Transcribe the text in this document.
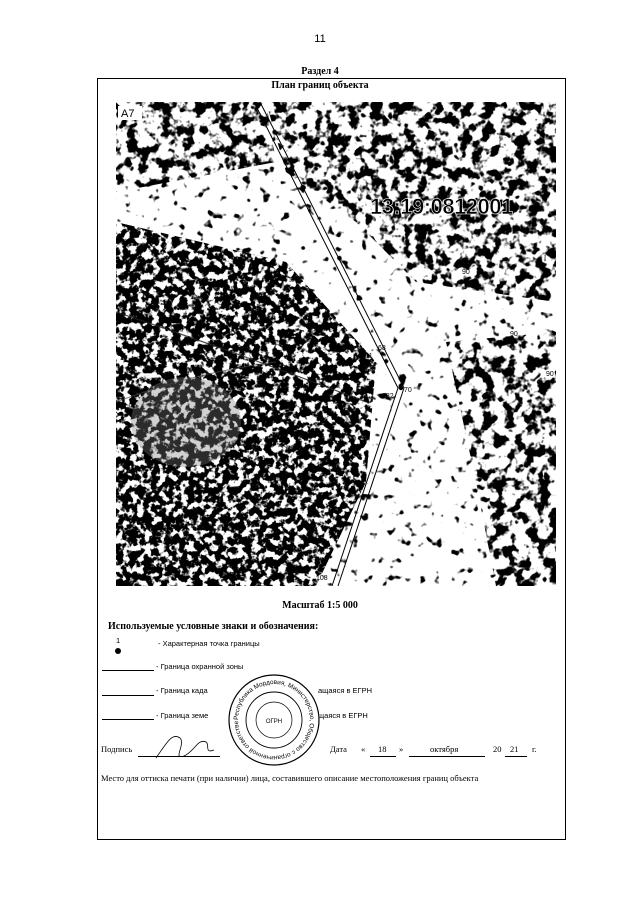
11
Раздел 4
План границ объекта
68
111
182
70
90
90
90
108
А7
13:19:0812001
Масштаб 1:5 000
Используемые условные знаки и обозначения:
1	- Характерная точка границы
- Граница охранной зоны
- Граница када	ащаяся в ЕГРН
- Граница земе	щаяся в ЕГРН
Республика Мордовия, Министерство, Общество с ограниченной ответстве	ОГРН
Подпись	Дата « 18 »	октября	20 21 г.
Место для оттиска печати (при наличии) лица, составившего описание местоположения границ объекта
